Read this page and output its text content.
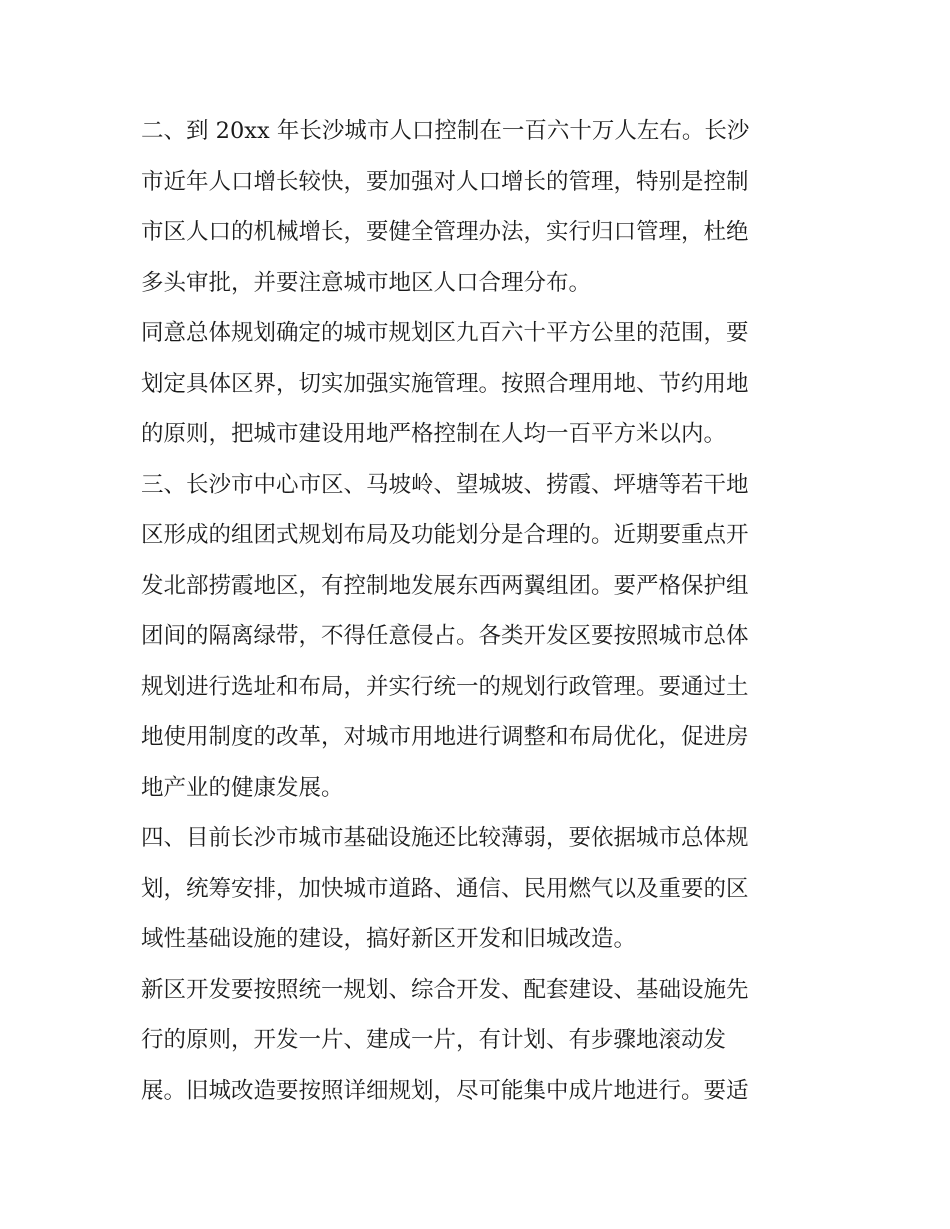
二、到 20xx 年长沙城市人口控制在一百六十万人左右。长沙
市近年人口增长较快，要加强对人口增长的管理，特别是控制
市区人口的机械增长，要健全管理办法，实行归口管理，杜绝
多头审批，并要注意城市地区人口合理分布。
同意总体规划确定的城市规划区九百六十平方公里的范围，要
划定具体区界，切实加强实施管理。按照合理用地、节约用地
的原则，把城市建设用地严格控制在人均一百平方米以内。
三、长沙市中心市区、马坡岭、望城坡、捞霞、坪塘等若干地
区形成的组团式规划布局及功能划分是合理的。近期要重点开
发北部捞霞地区，有控制地发展东西两翼组团。要严格保护组
团间的隔离绿带，不得任意侵占。各类开发区要按照城市总体
规划进行选址和布局，并实行统一的规划行政管理。要通过土
地使用制度的改革，对城市用地进行调整和布局优化，促进房
地产业的健康发展。
四、目前长沙市城市基础设施还比较薄弱，要依据城市总体规
划，统筹安排，加快城市道路、通信、民用燃气以及重要的区
域性基础设施的建设，搞好新区开发和旧城改造。
新区开发要按照统一规划、综合开发、配套建设、基础设施先
行的原则，开发一片、建成一片，有计划、有步骤地滚动发
展。旧城改造要按照详细规划，尽可能集中成片地进行。要适
